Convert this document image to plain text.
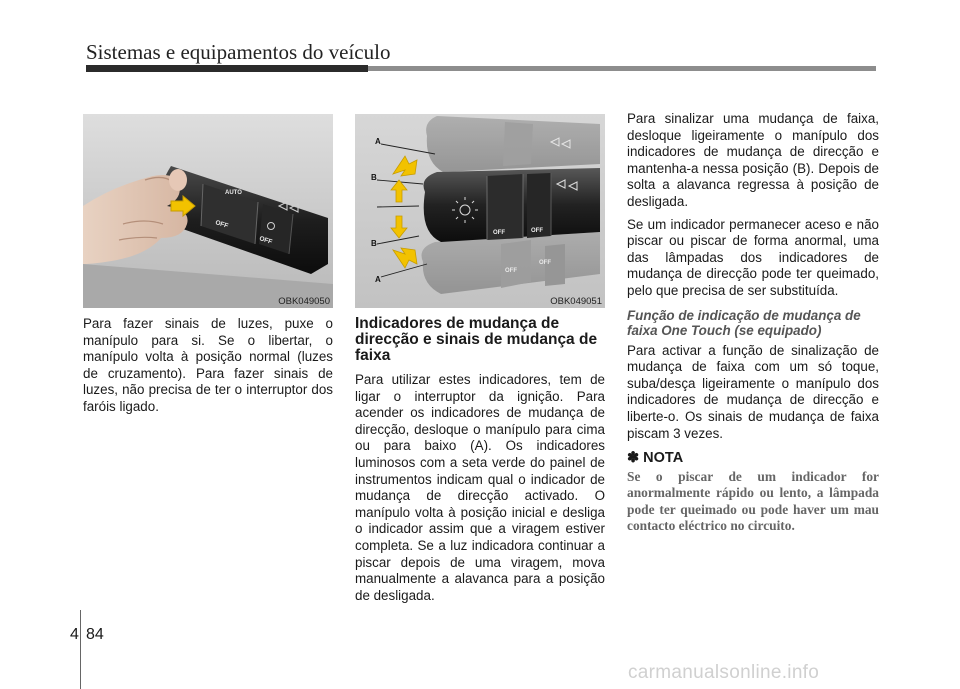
Sistemas e equipamentos do veículo
AUTO
OFF
OFF
OBK049050
OFF
OFF
OFF	OFF
A
B
B
A
OBK049051

Para fazer sinais de luzes, puxe o manípulo para si. Se o libertar, o manípulo volta à posição normal (luzes de cruzamento). Para fazer sinais de luzes, não precisa de ter o interruptor dos faróis ligado.

Indicadores de mudança de direcção e sinais de mudança de faixa

Para utilizar estes indicadores, tem de ligar o interruptor da ignição. Para acender os indicadores de mudança de direcção, desloque o manípulo para cima ou para baixo (A). Os indicadores luminosos com a seta verde do painel de instrumentos indicam qual o indicador de mudança de direcção activado. O manípulo volta à posição inicial e desliga o indicador assim que a viragem estiver completa. Se a luz indicadora continuar a piscar depois de uma viragem, mova manualmente a alavanca para a posição de desligada.

Para sinalizar uma mudança de faixa, desloque ligeiramente o manípulo dos indicadores de mudança de direcção e mantenha-a nessa posição (B). Depois de solta a alavanca regressa à posição de desligada.

Se um indicador permanecer aceso e não piscar ou piscar de forma anormal, uma das lâmpadas dos indicadores de mudança de direcção pode ter queimado, pelo que precisa de ser substituída.

Função de indicação de mudança de faixa One Touch (se equipado)

Para activar a função de sinalização de mudança de faixa com um só toque, suba/desça ligeiramente o manípulo dos indicadores de mudança de direcção e liberte-o. Os sinais de mudança de faixa piscam 3 vezes.

✽ NOTA

Se o piscar de um indicador for anormalmente rápido ou lento, a lâmpada pode ter queimado ou pode haver um mau contacto eléctrico no circuito.

4 84
carmanualsonline.info
